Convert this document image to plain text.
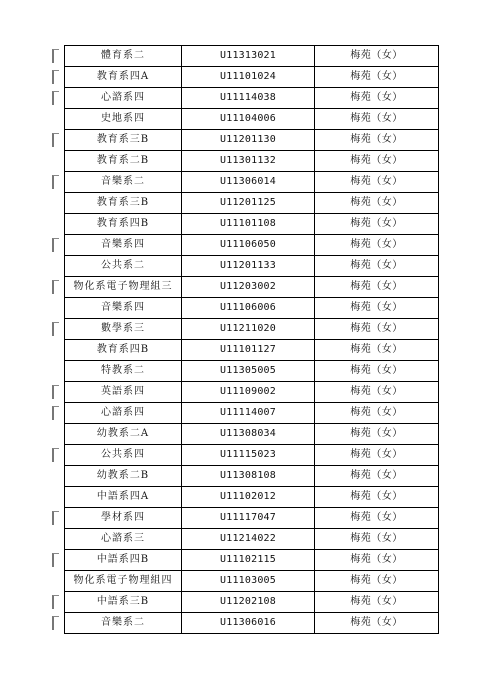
體育系二	U11313021	梅苑（女）
教育系四A	U11101024	梅苑（女）
心諮系四	U11114038	梅苑（女）
史地系四	U11104006	梅苑（女）
教育系三B	U11201130	梅苑（女）
教育系二B	U11301132	梅苑（女）
音樂系二	U11306014	梅苑（女）
教育系三B	U11201125	梅苑（女）
教育系四B	U11101108	梅苑（女）
音樂系四	U11106050	梅苑（女）
公共系二	U11201133	梅苑（女）
物化系電子物理組三	U11203002	梅苑（女）
音樂系四	U11106006	梅苑（女）
數學系三	U11211020	梅苑（女）
教育系四B	U11101127	梅苑（女）
特教系二	U11305005	梅苑（女）
英語系四	U11109002	梅苑（女）
心諮系四	U11114007	梅苑（女）
幼教系二A	U11308034	梅苑（女）
公共系四	U11115023	梅苑（女）
幼教系二B	U11308108	梅苑（女）
中語系四A	U11102012	梅苑（女）
學材系四	U11117047	梅苑（女）
心諮系三	U11214022	梅苑（女）
中語系四B	U11102115	梅苑（女）
物化系電子物理組四	U11103005	梅苑（女）
中語系三B	U11202108	梅苑（女）
音樂系二	U11306016	梅苑（女）
